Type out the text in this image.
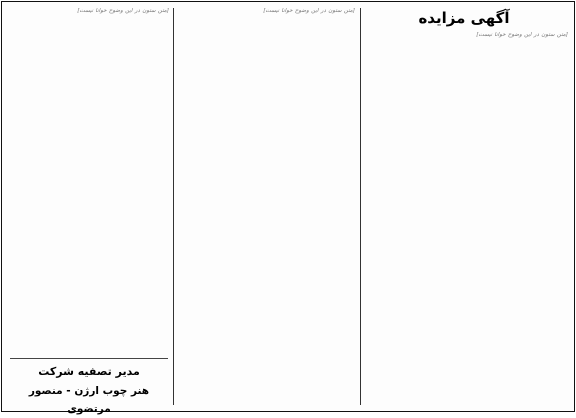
آگهی مزایده
[متن ستون در این وضوح خوانا نیست]
[متن ستون در این وضوح خوانا نیست]
[متن ستون در این وضوح خوانا نیست]
مدیر تصفیه شرکت
هنر چوب ارژن - منصور مرتضوی
